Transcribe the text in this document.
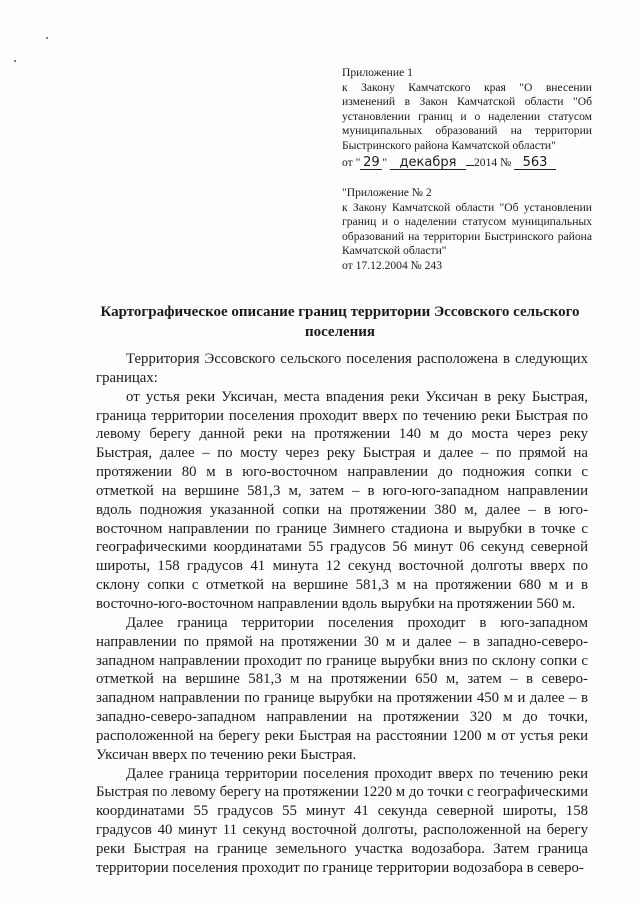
Приложение 1

к Закону Камчатского края "О внесении изменений в Закон Камчатской области "Об установлении границ и о наделении статусом муниципальных образований на территории Быстринского района Камчатской области"

от " 29 " декабря 2014 № 563

"Приложение № 2

к Закону Камчатской области "Об установлении границ и о наделении статусом муниципальных образований на территории Быстринского района Камчатской области"

от 17.12.2004 № 243

Картографическое описание границ территории Эссовского сельского поселения

Территория Эссовского сельского поселения расположена в следующих границах:

от устья реки Уксичан, места впадения реки Уксичан в реку Быстрая, граница территории поселения проходит вверх по течению реки Быстрая по левому берегу данной реки на протяжении 140 м до моста через реку Быстрая, далее – по мосту через реку Быстрая и далее – по прямой на протяжении 80 м в юго-восточном направлении до подножия сопки с отметкой на вершине 581,3 м, затем – в юго-юго-западном направлении вдоль подножия указанной сопки на протяжении 380 м, далее – в юго-восточном направлении по границе Зимнего стадиона и вырубки в точке с географическими координатами 55 градусов 56 минут 06 секунд северной широты, 158 градусов 41 минута 12 секунд восточной долготы вверх по склону сопки с отметкой на вершине 581,3 м на протяжении 680 м и в восточно-юго-восточном направлении вдоль вырубки на протяжении 560 м.

Далее граница территории поселения проходит в юго-западном направлении по прямой на протяжении 30 м и далее – в западно-северо-западном направлении проходит по границе вырубки вниз по склону сопки с отметкой на вершине 581,3 м на протяжении 650 м, затем – в северо-западном направлении по границе вырубки на протяжении 450 м и далее – в западно-северо-западном направлении на протяжении 320 м до точки, расположенной на берегу реки Быстрая на расстоянии 1200 м от устья реки Уксичан вверх по течению реки Быстрая.

Далее граница территории поселения проходит вверх по течению реки Быстрая по левому берегу на протяжении 1220 м до точки с географическими координатами 55 градусов 55 минут 41 секунда северной широты, 158 градусов 40 минут 11 секунд восточной долготы, расположенной на берегу реки Быстрая на границе земельного участка водозабора. Затем граница территории поселения проходит по границе территории водозабора в северо-
